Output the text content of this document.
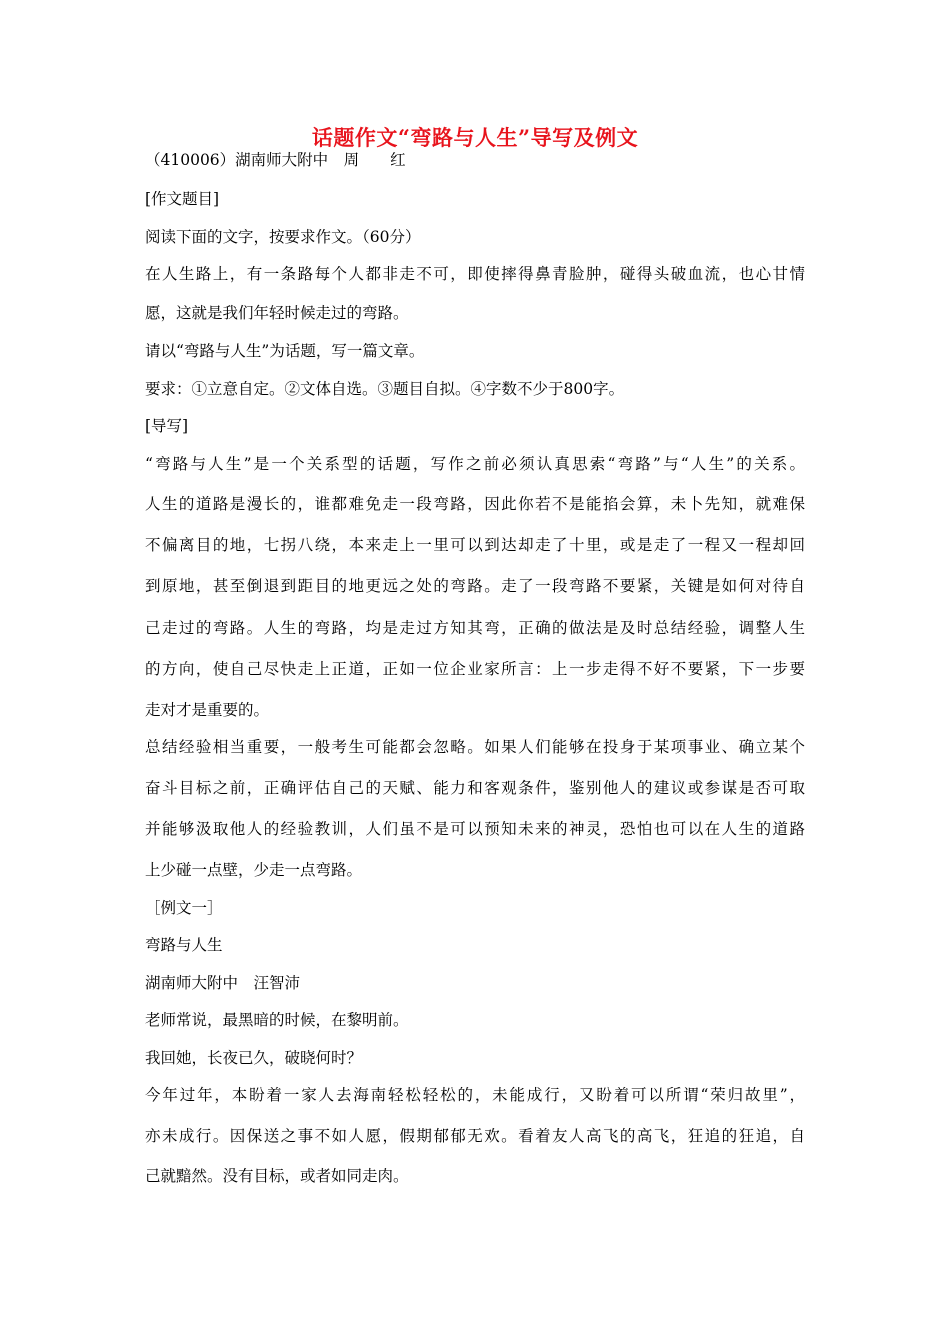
话题作文“弯路与人生”导写及例文
（410006）湖南师大附中　周　　红
[作文题目]
阅读下面的文字，按要求作文。（60分）
在人生路上，有一条路每个人都非走不可，即使摔得鼻青脸肿，碰得头破血流，也心甘情
愿，这就是我们年轻时候走过的弯路。
请以“弯路与人生”为话题，写一篇文章。
要求：①立意自定。②文体自选。③题目自拟。④字数不少于800字。
[导写]
“弯路与人生”是一个关系型的话题，写作之前必须认真思索“弯路”与“人生”的关系。
人生的道路是漫长的，谁都难免走一段弯路，因此你若不是能掐会算，未卜先知，就难保
不偏离目的地，七拐八绕，本来走上一里可以到达却走了十里，或是走了一程又一程却回
到原地，甚至倒退到距目的地更远之处的弯路。走了一段弯路不要紧，关键是如何对待自
己走过的弯路。人生的弯路，均是走过方知其弯，正确的做法是及时总结经验，调整人生
的方向，使自己尽快走上正道，正如一位企业家所言：上一步走得不好不要紧，下一步要
走对才是重要的。
总结经验相当重要，一般考生可能都会忽略。如果人们能够在投身于某项事业、确立某个
奋斗目标之前，正确评估自己的天赋、能力和客观条件，鉴别他人的建议或参谋是否可取
并能够汲取他人的经验教训，人们虽不是可以预知未来的神灵，恐怕也可以在人生的道路
上少碰一点壁，少走一点弯路。
［例文一］
弯路与人生
湖南师大附中　汪智沛
老师常说，最黑暗的时候，在黎明前。
我回她，长夜已久，破晓何时？
今年过年，本盼着一家人去海南轻松轻松的，未能成行，又盼着可以所谓“荣归故里”，
亦未成行。因保送之事不如人愿，假期郁郁无欢。看着友人高飞的高飞，狂追的狂追，自
己就黯然。没有目标，或者如同走肉。
